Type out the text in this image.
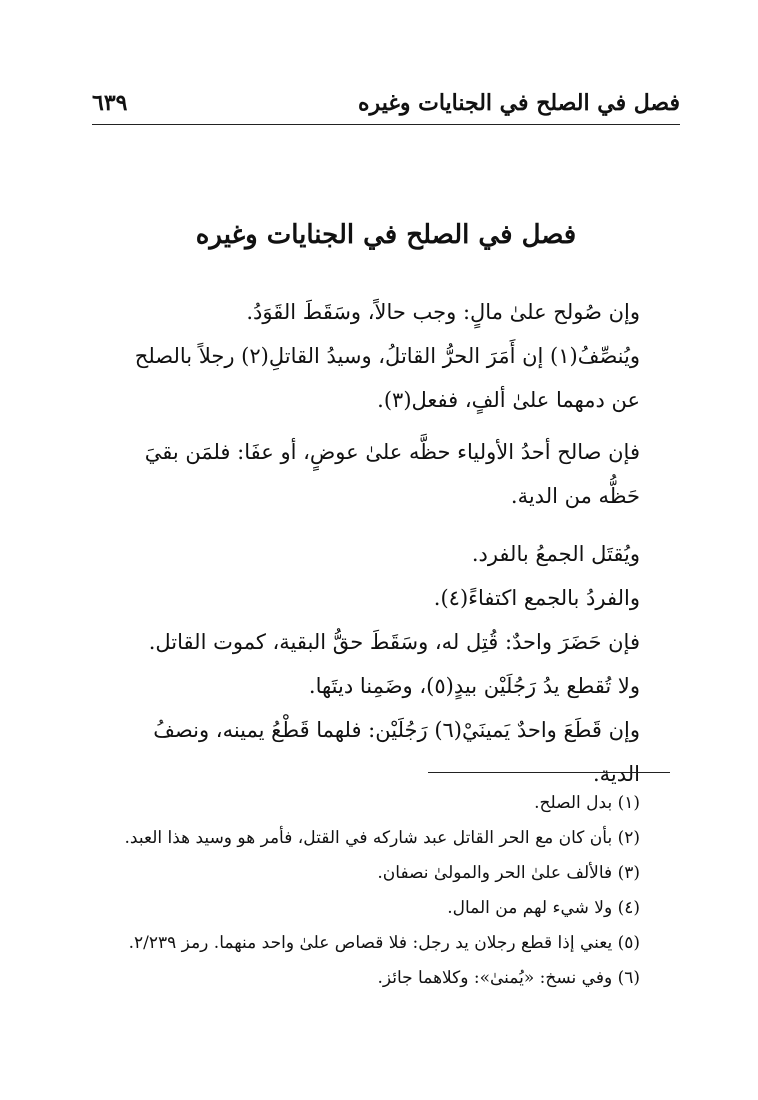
فصل في الصلح في الجنايات وغيره
٦٣٩
فصل في الصلح في الجنايات وغيره

وإن صُولح علىٰ مالٍ: وجب حالاً، وسَقَطَ القَوَدُ.

ويُنصِّفُ(١) إن أَمَرَ الحرُّ القاتلُ، وسيدُ القاتلِ(٢) رجلاً بالصلح عن دمهما علىٰ ألفٍ، ففعل(٣).

فإن صالح أحدُ الأولياء حظَّه علىٰ عوضٍ، أو عفَا: فلمَن بقيَ حَظُّه من الدية.

ويُقتَل الجمعُ بالفرد.

والفردُ بالجمع اكتفاءً(٤).

فإن حَضَرَ واحدٌ: قُتِل له، وسَقَطَ حقُّ البقية، كموت القاتل.

ولا تُقطع يدُ رَجُلَيْن بيدٍ(٥)، وضَمِنا ديتَها.

وإن قَطَعَ واحدٌ يَمينَيْ(٦) رَجُلَيْن: فلهما قَطْعُ يمينه، ونصفُ الدية.

(١) بدل الصلح.
(٢) بأن كان مع الحر القاتل عبد شاركه في القتل، فأمر هو وسيد هذا العبد.
(٣) فالألف علىٰ الحر والمولىٰ نصفان.
(٤) ولا شيء لهم من المال.
(٥) يعني إذا قطع رجلان يد رجل: فلا قصاص علىٰ واحد منهما. رمز ٢/٢٣٩.
(٦) وفي نسخ: «يُمنىٰ»: وكلاهما جائز.
